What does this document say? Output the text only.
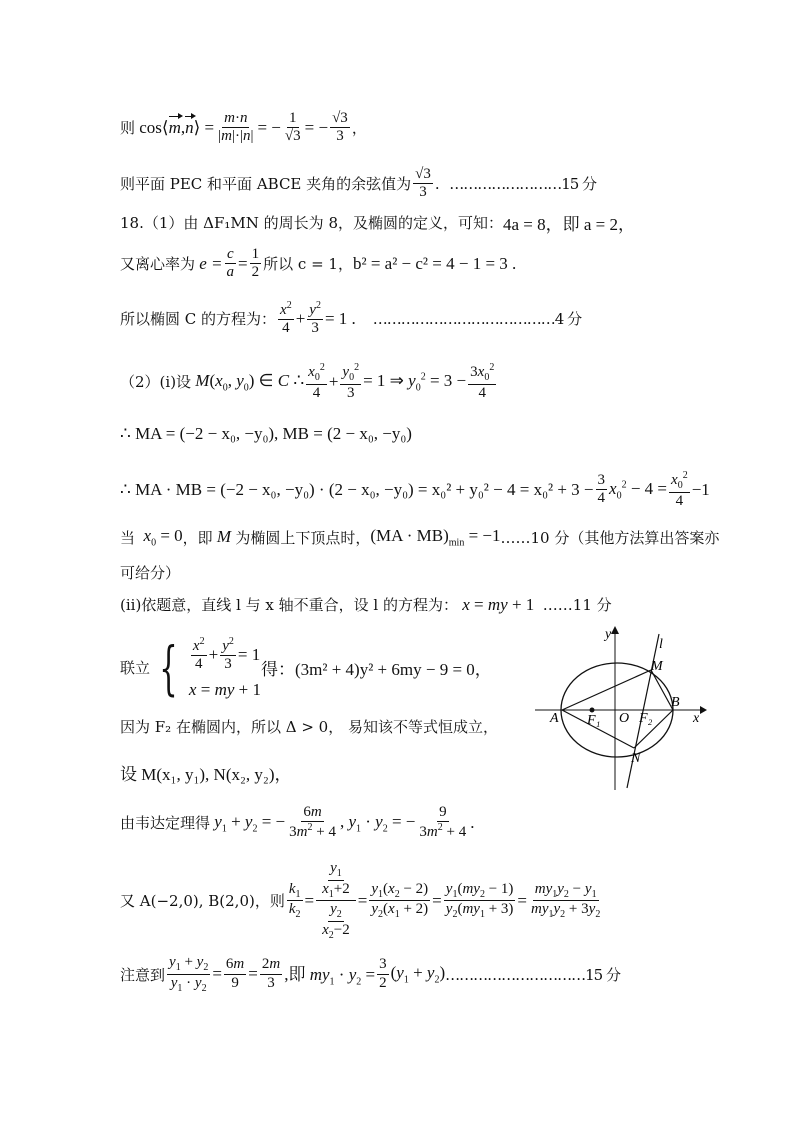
则 cos⟨m,n⟩ = $\frac{m\cdot n}{|m|\cdot|n|}$ = − $\frac{1}{√3}$ = − $\frac{√3}{3}$ ，
则平面 PEC 和平面 ABCE 夹角的余弦值为 $\frac{√3}{3}$ . ……………………15 分
18.（1）由 ΔF₁MN 的周长为 8，及椭圆的定义，可知： 4a = 8，即 a = 2，
又离心率为 $e = \frac{c}{a} = \frac{1}{2}$ 所以 c = 1， b² = a² − c² = 4 − 1 = 3 .
所以椭圆 C 的方程为： $\frac{x^2}{4} + \frac{y^2}{3} = 1$ . …………………………………4 分
（2）(i)设 $M(x_0$, $y_0$) ∈ C ∴ $\frac{x_0^2}{4} + \frac{y_0^2}{3} = 1$ ⇒ $y_0^2 = 3 - \frac{3x_0^2}{4}$
∴ MA = (−2 − x₀, −y₀), MB = (2 − x₀, −y₀)
∴ MA · MB = (−2 − x₀, −y₀) · (2 − x₀, $-y_0) = x_0^2 + y_0^2 - 4 = x_0^2 + 3 - \frac{3}{4} x_0^2 - 4 = \frac{x_0^2}{4} -1$
当 $x_0 = 0$ ，即 M 为椭圆上下顶点时， $(MA \cdot MB)_{min} = -1$ ……10 分（其他方法算出答案亦
可给分）
(ii)依题意，直线 l 与 x 轴不重合，设 l 的方程为： x = my + 1 ……11 分
联立 { $\frac{x^2}{4} + \frac{y^2}{3} = 1$
x = my + 1
得：(3m² + 4)y² + 6my − 9 = 0，
因为 F₂ 在椭圆内，所以 Δ > 0， 易知该不等式恒成立，
设 M(x₁, y₁), N(x₂, y₂)，
由韦达定理得 $y_1 + y_2$ = − $\frac{6m}{3m^2 + 4}$ , $y_1 \cdot y_2$ = − $\frac{9}{3m^2 + 4}$ .
又 A(−2,0), B(2,0)，则 $\frac{k_1}{k_2} = \frac{\frac{y_1}{x_1+2}}{\frac{y_2}{x_2-2}} = \frac{y_1(x_2 - 2)}{y_2(x_1 + 2)} = \frac{y_1(my_2 - 1)}{y_2(my_1 + 3)} = \frac{my_1y_2 - y_1}{my_1y_2 + 3y_2}$
注意到 $\frac{y_1 + y_2}{y_1 \cdot y_2} = \frac{6m}{9} = \frac{2m}{3}$ ,即 $my_1 \cdot y_2 = \frac{3}{2} (y_1 + y_2)$ …………………………15 分
y
x
l
M
N
A
B
O
F₁	F₂
